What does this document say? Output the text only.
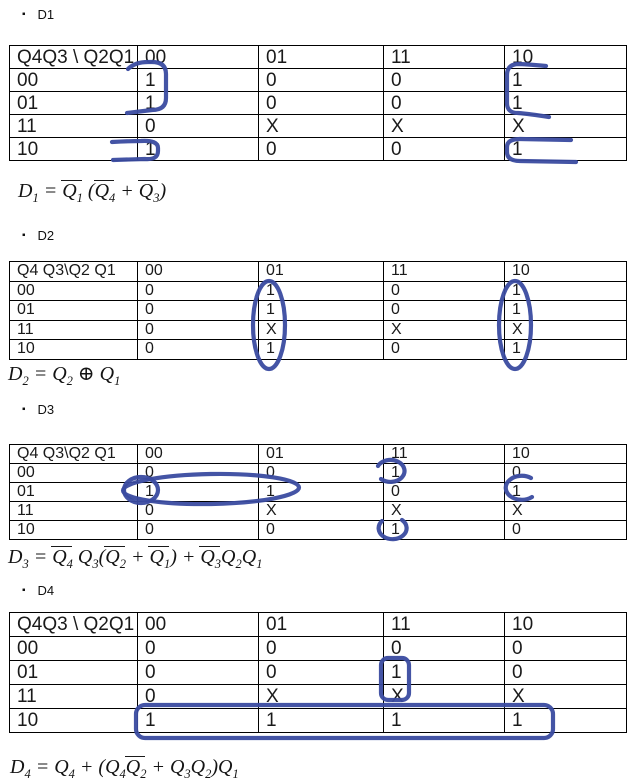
▪ D1
▪ D2
▪ D3
▪ D4
Q4Q3 \ Q2Q1	00	01	11	10
00	1	0	0	1
01	1	0	0	1
11	0	X	X	X
10	1	0	0	1
Q4 Q3\Q2 Q1	00	01	11	10
00	0	1	0	1
01	0	1	0	1
11	0	X	X	X
10	0	1	0	1
Q4 Q3\Q2 Q1	00	01	11	10
00	0	0	1	0
01	1	1	0	1
11	0	X	X	X
10	0	0	1	0
Q4Q3 \ Q2Q1	00	01	11	10
00	0	0	0	0
01	0	0	1	0
11	0	X	X	X
10	1	1	1	1
$D_1 = Q_1$ $(Q_4 + Q_3)$
$D_2 = Q_2$ ⊕ $Q_1$
$D_3 = Q_4$ $Q_3(Q_2 + Q_1) + Q_3Q_2Q_1$
$D_4 = Q_4 + (Q_4Q_2 + Q_3Q_2)Q_1$
